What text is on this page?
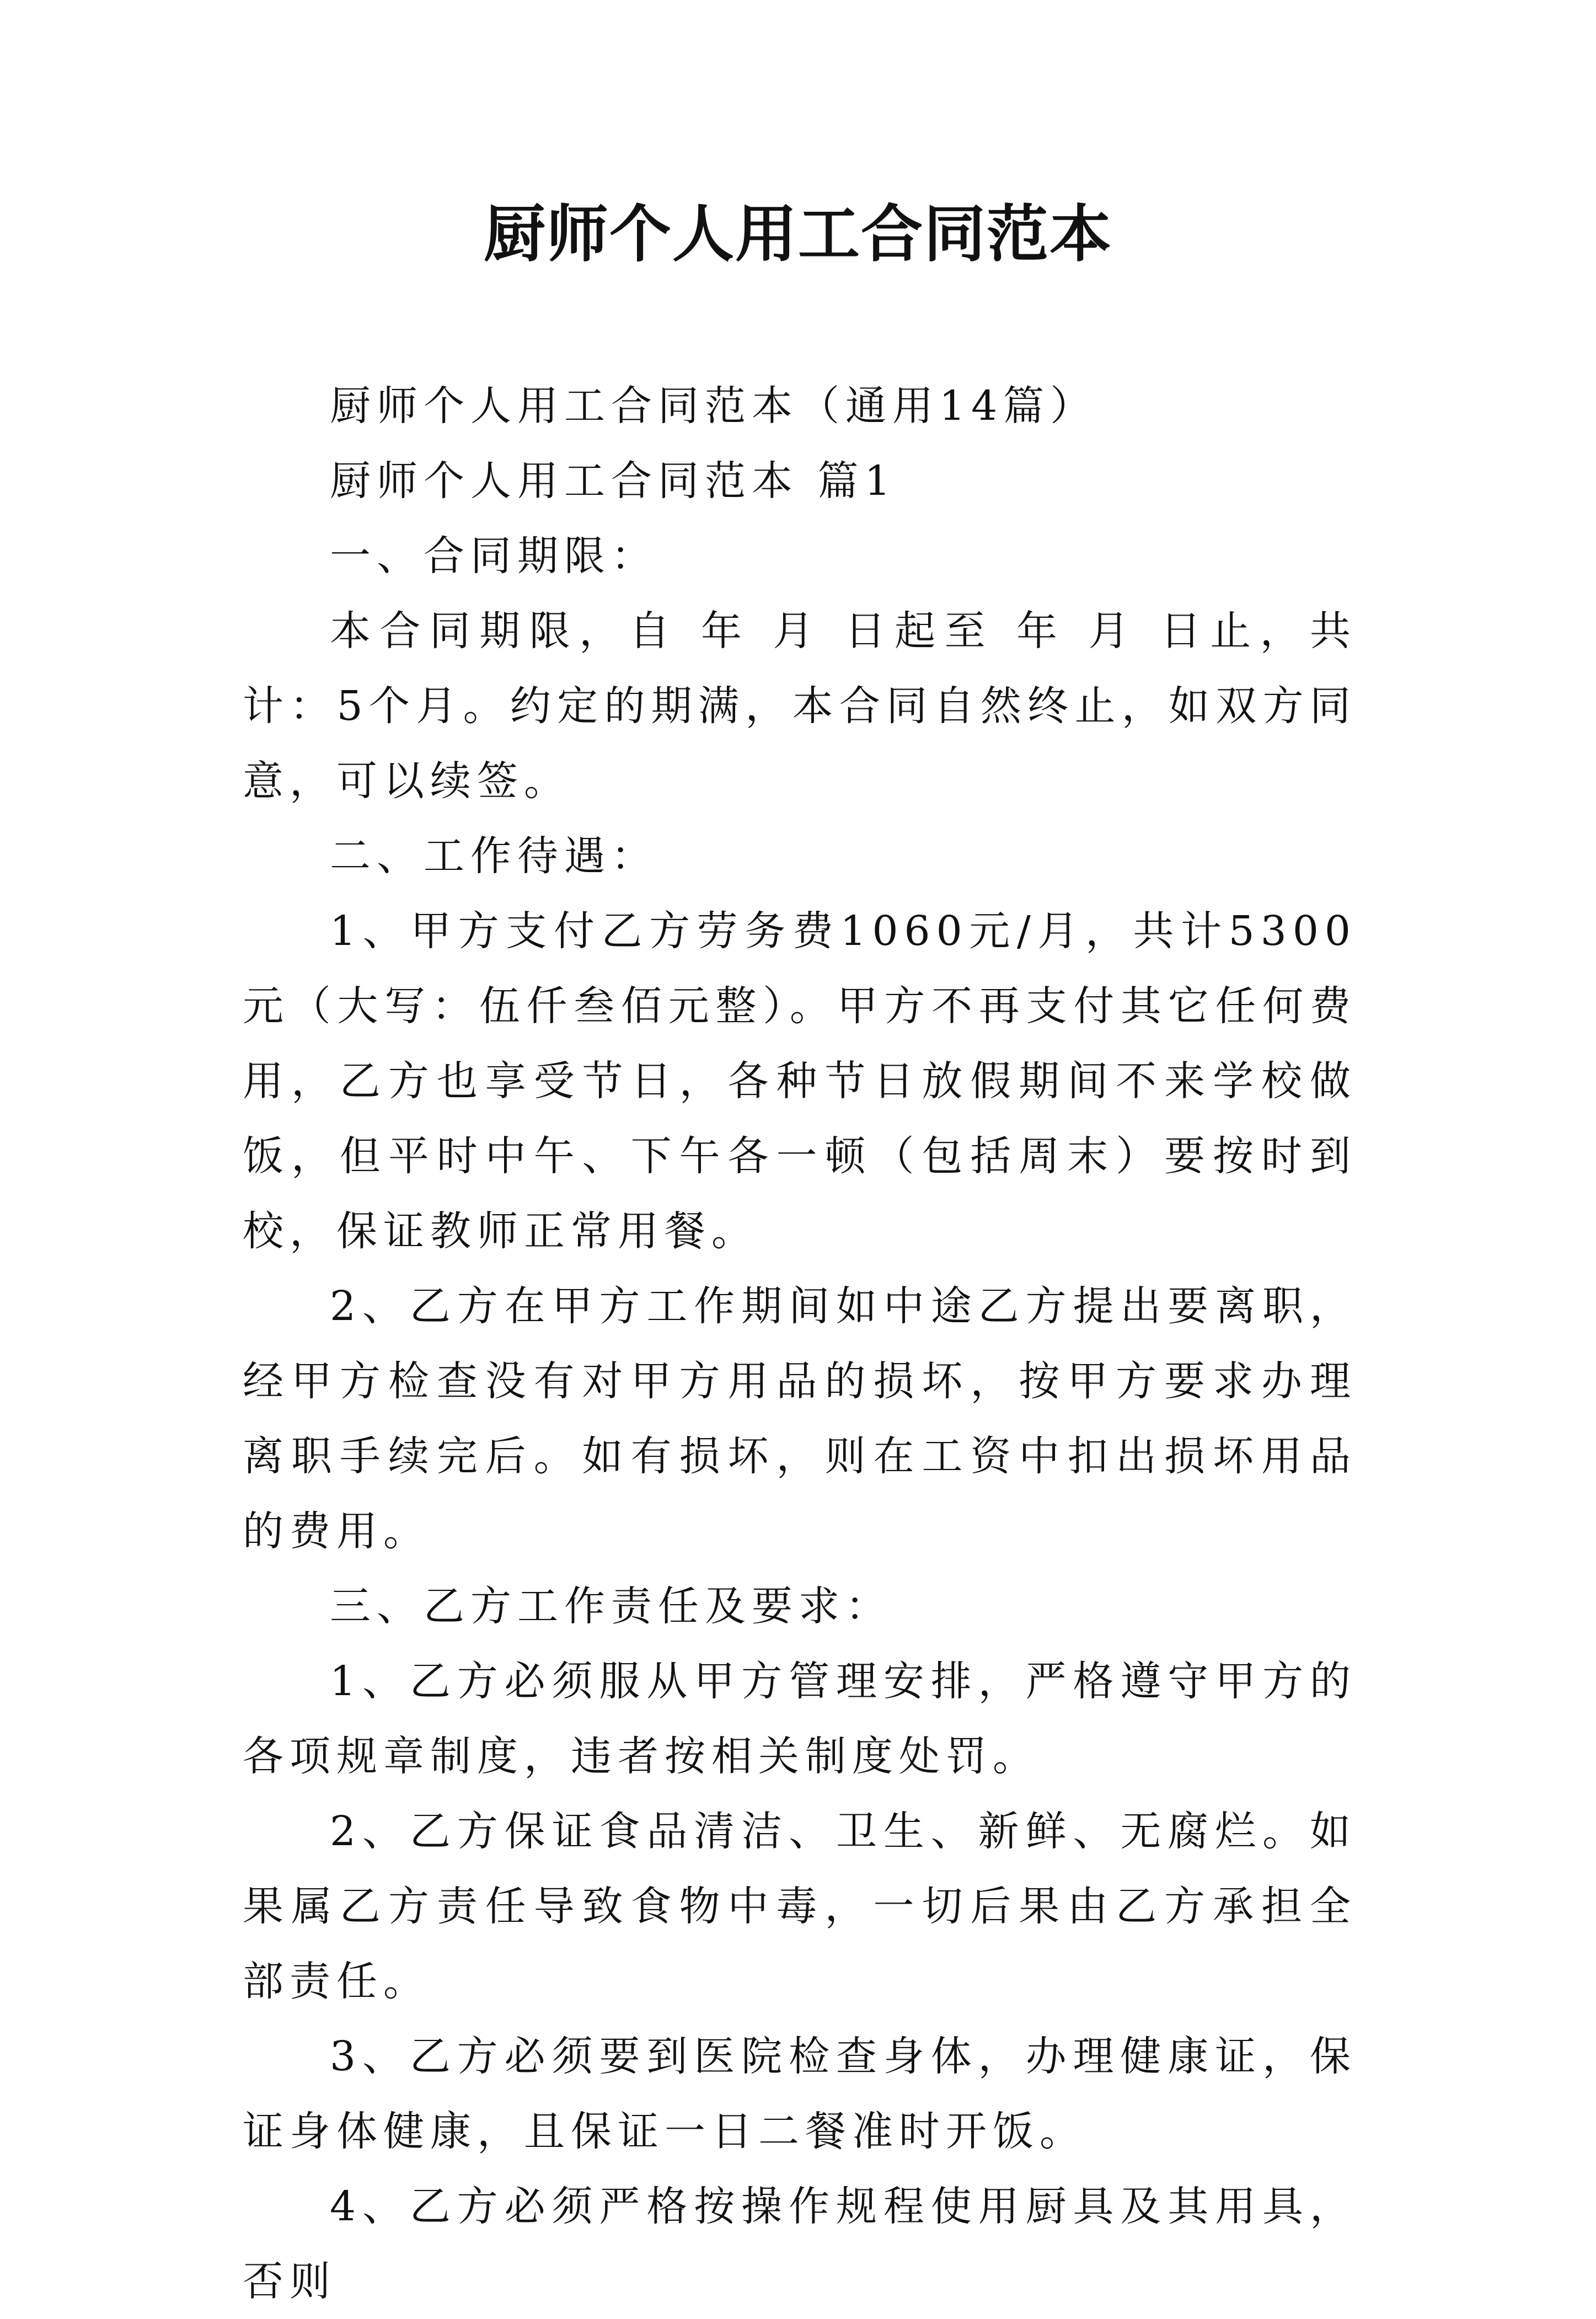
厨师个人用工合同范本

厨师个人用工合同范本（通用14篇）

厨师个人用工合同范本 篇1

一、合同期限：

本合同期限，自 年 月 日起至 年 月 日止，共计：5个月。约定的期满，本合同自然终止，如双方同意，可以续签。

二、工作待遇：

1、甲方支付乙方劳务费1060元/月，共计5300元（大写：伍仟叁佰元整）。甲方不再支付其它任何费用，乙方也享受节日，各种节日放假期间不来学校做饭，但平时中午、下午各一顿（包括周末）要按时到校，保证教师正常用餐。

2、乙方在甲方工作期间如中途乙方提出要离职，经甲方检查没有对甲方用品的损坏，按甲方要求办理离职手续完后。如有损坏，则在工资中扣出损坏用品的费用。

三、乙方工作责任及要求：

1、乙方必须服从甲方管理安排，严格遵守甲方的各项规章制度，违者按相关制度处罚。

2、乙方保证食品清洁、卫生、新鲜、无腐烂。如果属乙方责任导致食物中毒，一切后果由乙方承担全部责任。

3、乙方必须要到医院检查身体，办理健康证，保证身体健康，且保证一日二餐准时开饭。

4、乙方必须严格按操作规程使用厨具及其用具，否则
